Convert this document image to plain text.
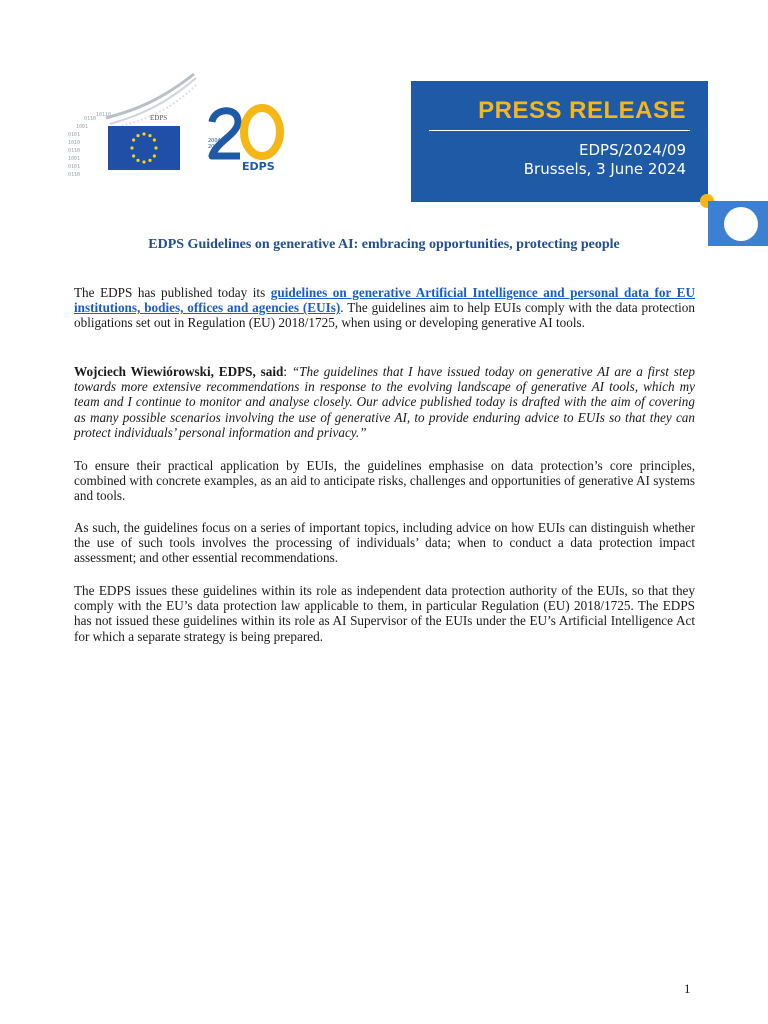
0101
1010
0110
1001
0101
0110
1001
0110
10110	EDPS
2004
2024
EDPS
PRESS RELEASE

EDPS/2024/09

Brussels, 3 June 2024

EDPS Guidelines on generative AI: embracing opportunities, protecting people

The EDPS has published today its guidelines on generative Artificial Intelligence and personal data for EU institutions, bodies, offices and agencies (EUIs). The guidelines aim to help EUIs comply with the data protection obligations set out in Regulation (EU) 2018/1725, when using or developing generative AI tools.

Wojciech Wiewiórowski, EDPS, said: “The guidelines that I have issued today on generative AI are a first step towards more extensive recommendations in response to the evolving landscape of generative AI tools, which my team and I continue to monitor and analyse closely. Our advice published today is drafted with the aim of covering as many possible scenarios involving the use of generative AI, to provide enduring advice to EUIs so that they can protect individuals’ personal information and privacy.”

To ensure their practical application by EUIs, the guidelines emphasise on data protection’s core principles, combined with concrete examples, as an aid to anticipate risks, challenges and opportunities of generative AI systems and tools.

As such, the guidelines focus on a series of important topics, including advice on how EUIs can distinguish whether the use of such tools involves the processing of individuals’ data; when to conduct a data protection impact assessment; and other essential recommendations.

The EDPS issues these guidelines within its role as independent data protection authority of the EUIs, so that they comply with the EU’s data protection law applicable to them, in particular Regulation (EU) 2018/1725. The EDPS has not issued these guidelines within its role as AI Supervisor of the EUIs under the EU’s Artificial Intelligence Act for which a separate strategy is being prepared.

1
